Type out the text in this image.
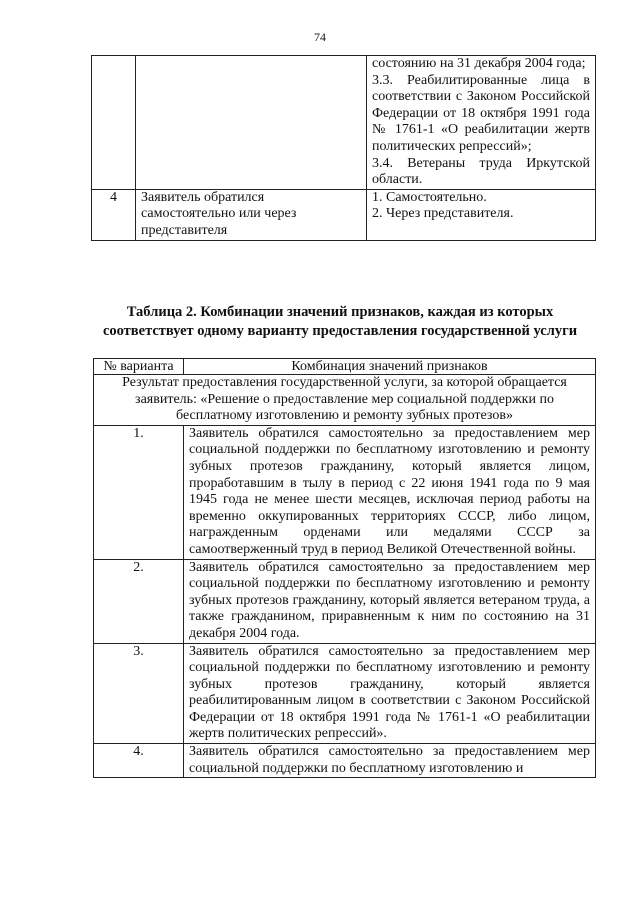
74

		состоянию на 31 декабря 2004 года;
3.3. Реабилитированные лица в соответствии с Законом Российской Федерации от 18 октября 1991 года № 1761-1 «О реабилитации жертв политических репрессий»;
3.4. Ветераны труда Иркутской области.

4	Заявитель обратился самостоятельно или через представителя	1. Самостоятельно.
2. Через представителя.
Таблица 2. Комбинации значений признаков, каждая из которых
соответствует одному варианту предоставления государственной услуги
№ варианта	Комбинация значений признаков
Результат предоставления государственной услуги, за которой обращается заявитель: «Решение о предоставление мер социальной поддержки по бесплатному изготовлению и ремонту зубных протезов»	
1.	Заявитель обратился самостоятельно за предоставлением мер социальной поддержки по бесплатному изготовлению и ремонту зубных протезов гражданину, который является лицом, проработавшим в тылу в период с 22 июня 1941 года по 9 мая 1945 года не менее шести месяцев, исключая период работы на временно оккупированных территориях СССР, либо лицом, награжденным орденами или медалями СССР за самоотверженный труд в период Великой Отечественной войны.
2.	Заявитель обратился самостоятельно за предоставлением мер социальной поддержки по бесплатному изготовлению и ремонту зубных протезов гражданину, который является ветераном труда, а также гражданином, приравненным к ним по состоянию на 31 декабря 2004 года.
3.	Заявитель обратился самостоятельно за предоставлением мер социальной поддержки по бесплатному изготовлению и ремонту зубных протезов гражданину, который является реабилитированным лицом в соответствии с Законом Российской Федерации от 18 октября 1991 года № 1761-1 «О реабилитации жертв политических репрессий».
4.	Заявитель обратился самостоятельно за предоставлением мер социальной поддержки по бесплатному изготовлению и
